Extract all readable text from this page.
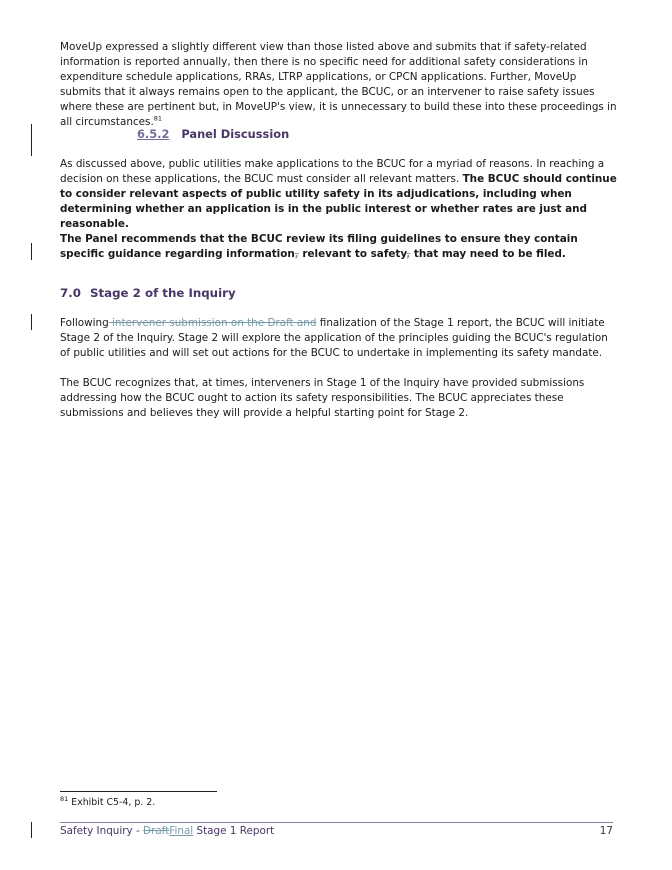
MoveUp expressed a slightly different view than those listed above and submits that if safety-related information is reported annually, then there is no specific need for additional safety considerations in expenditure schedule applications, RRAs, LTRP applications, or CPCN applications. Further, MoveUp submits that it always remains open to the applicant, the BCUC, or an intervener to raise safety issues where these are pertinent but, in MoveUP's view, it is unnecessary to build these into these proceedings in all circumstances.$^{81}$

6.5.2 Panel Discussion

As discussed above, public utilities make applications to the BCUC for a myriad of reasons. In reaching a decision on these applications, the BCUC must consider all relevant matters. The BCUC should continue to consider relevant aspects of public utility safety in its adjudications, including when determining whether an application is in the public interest or whether rates are just and reasonable.

The Panel recommends that the BCUC review its filing guidelines to ensure they contain specific guidance regarding information, relevant to safety, that may need to be filed.

7.0 Stage 2 of the Inquiry

Following intervener submission on the Draft and finalization of the Stage 1 report, the BCUC will initiate Stage 2 of the Inquiry. Stage 2 will explore the application of the principles guiding the BCUC's regulation of public utilities and will set out actions for the BCUC to undertake in implementing its safety mandate.

The BCUC recognizes that, at times, interveners in Stage 1 of the Inquiry have provided submissions addressing how the BCUC ought to action its safety responsibilities. The BCUC appreciates these submissions and believes they will provide a helpful starting point for Stage 2.

$^{81}$ Exhibit C5-4, p. 2.

Safety Inquiry - DraftFinal Stage 1 Report	17
